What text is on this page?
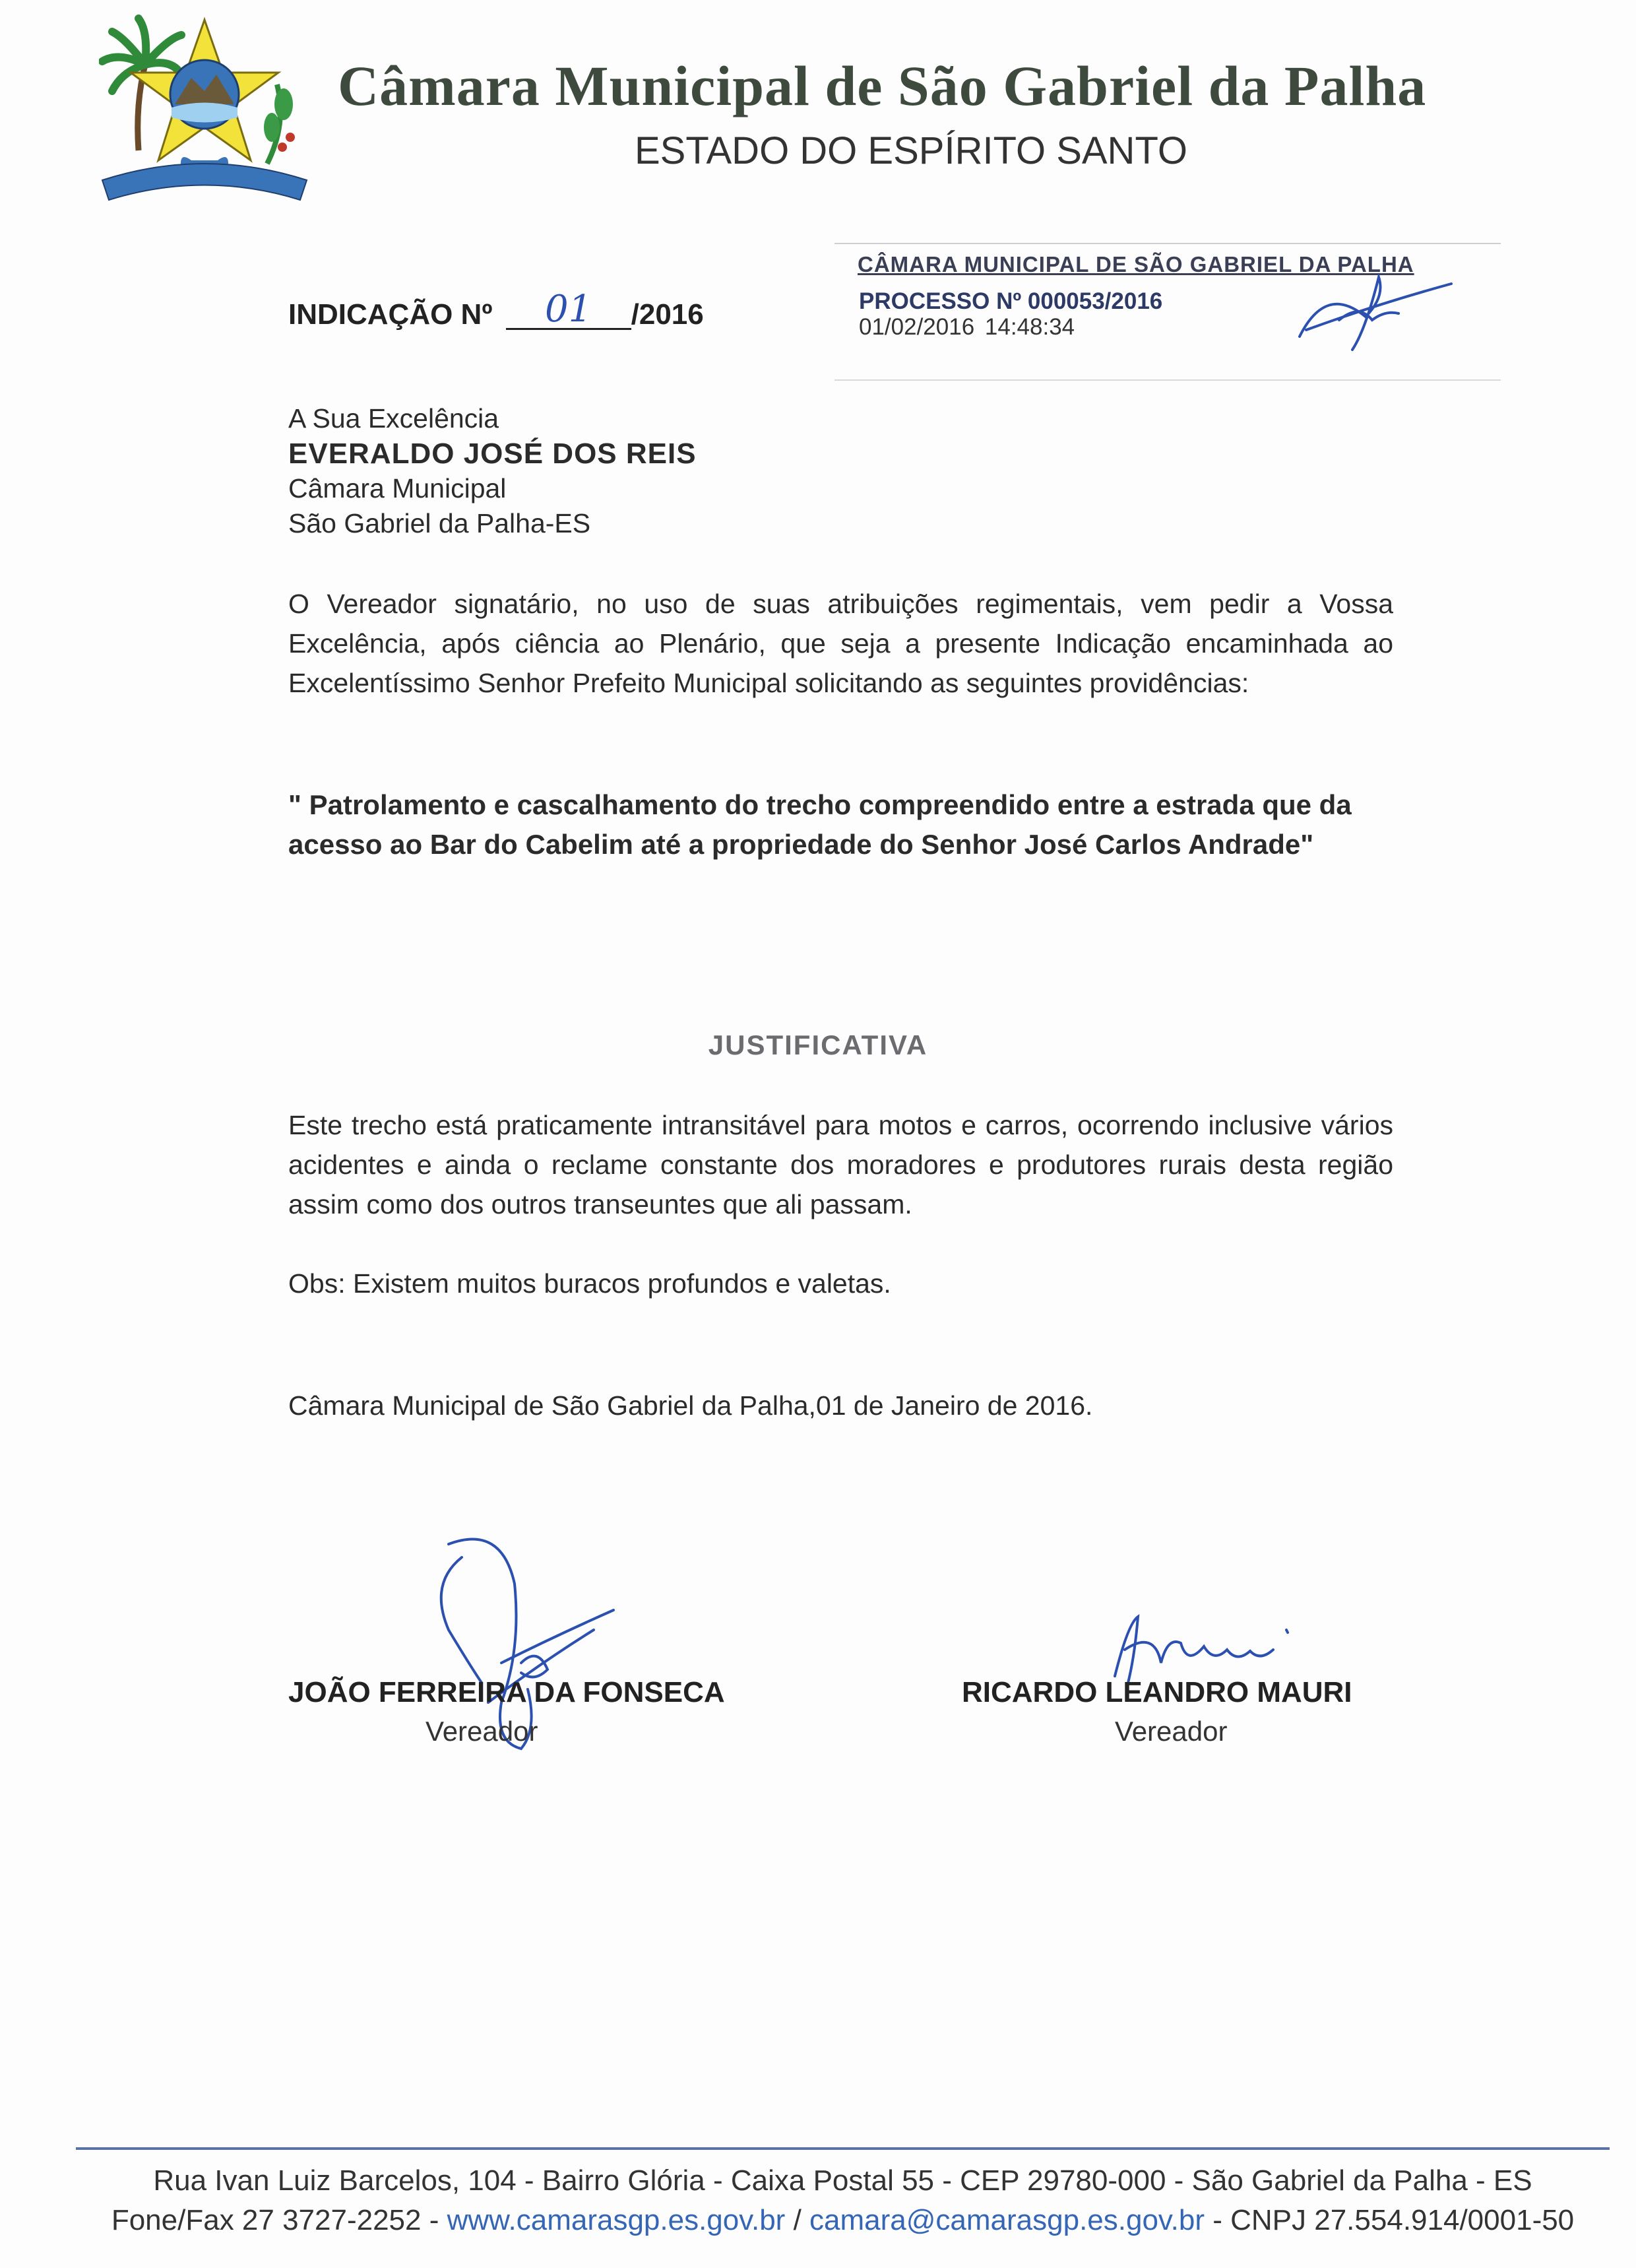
Câmara Municipal de São Gabriel da Palha
ESTADO DO ESPÍRITO SANTO
CÂMARA MUNICIPAL DE SÃO GABRIEL DA PALHA
PROCESSO Nº 000053/2016
01/02/2016 14:48:34
INDICAÇÃO Nº 01 /2016
A Sua Excelência
EVERALDO JOSÉ DOS REIS
Câmara Municipal
São Gabriel da Palha-ES
O Vereador signatário, no uso de suas atribuições regimentais, vem pedir a Vossa Excelência, após ciência ao Plenário, que seja a presente Indicação encaminhada ao Excelentíssimo Senhor Prefeito Municipal solicitando as seguintes providências:
" Patrolamento e cascalhamento do trecho compreendido entre a estrada que da acesso ao Bar do Cabelim até a propriedade do Senhor José Carlos Andrade"
JUSTIFICATIVA
Este trecho está praticamente intransitável para motos e carros, ocorrendo inclusive vários acidentes e ainda o reclame constante dos moradores e produtores rurais desta região assim como dos outros transeuntes que ali passam.
Obs: Existem muitos buracos profundos e valetas.
Câmara Municipal de São Gabriel da Palha,01 de Janeiro de 2016.
JOÃO FERREIRA DA FONSECA
Vereador
RICARDO LEANDRO MAURI
Vereador
Rua Ivan Luiz Barcelos, 104 - Bairro Glória - Caixa Postal 55 - CEP 29780-000 - São Gabriel da Palha - ES
Fone/Fax 27 3727-2252 - www.camarasgp.es.gov.br / camara@camarasgp.es.gov.br - CNPJ 27.554.914/0001-50
